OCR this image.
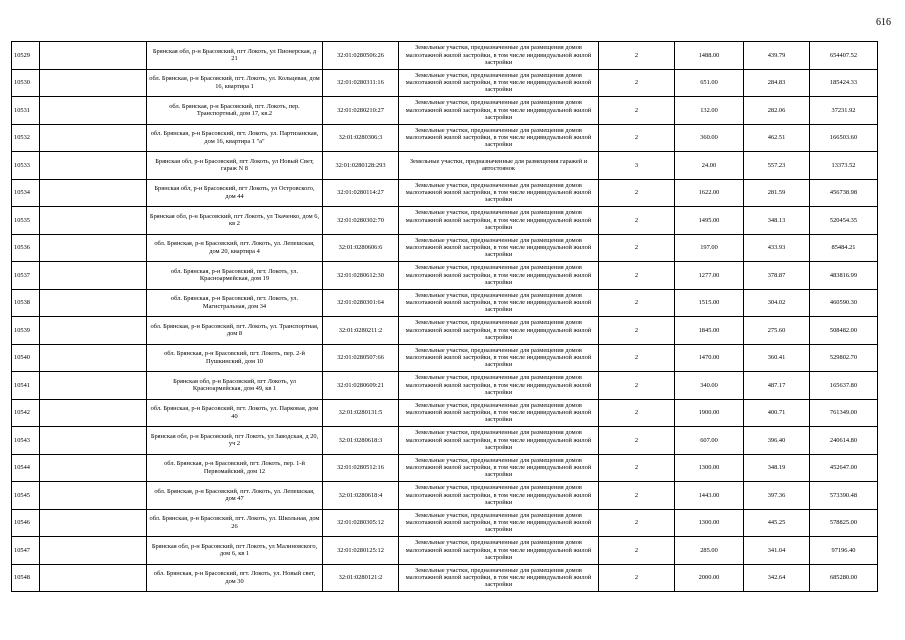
616
10529		Брянская обл, р-н Брасовский, пгт Локоть, ул Пионерская, д 21	32:01:0280506:26	Земельные участки, предназначенные для размещения домов малоэтажной жилой застройки, в том числе индивидуальной жилой застройки	2	1488.00	439.79	654407.52
10530		обл. Брянская, р-н Брасовский, пгт. Локоть, ул. Кольцевая, дом 16, квартира 1	32:01:0280311:16	Земельные участки, предназначенные для размещения домов малоэтажной жилой застройки, в том числе индивидуальной жилой застройки	2	651.00	284.83	185424.33
10531		обл. Брянская, р-н Брасовский, пгт. Локоть, пер. Транспортный, дом 17, кв.2	32:01:0280210:27	Земельные участки, предназначенные для размещения домов малоэтажной жилой застройки, в том числе индивидуальной жилой застройки	2	132.00	282.06	37231.92
10532		обл. Брянская, р-н Брасовский, пгт. Локоть, ул. Партизанская, дом 16, квартира 1 "а"	32:01:0280306:3	Земельные участки, предназначенные для размещения домов малоэтажной жилой застройки, в том числе индивидуальной жилой застройки	2	360.00	462.51	166503.60
10533		Брянская обл, р-н Брасовский, пгт Локоть, ул Новый Свет, гараж N 8	32:01:0280128:293	Земельные участки, предназначенные для размещения гаражей и автостоянок	3	24.00	557.23	13373.52
10534		Брянская обл, р-н Брасовский, пгт Локоть, ул Островского, дом 44	32:01:0280114:27	Земельные участки, предназначенные для размещения домов малоэтажной жилой застройки, в том числе индивидуальной жилой застройки	2	1622.00	281.59	456738.98
10535		Брянская обл, р-н Брасовский, пгт Локоть, ул Ткаченко, дом 6, кв 2	32:01:0280302:70	Земельные участки, предназначенные для размещения домов малоэтажной жилой застройки, в том числе индивидуальной жилой застройки	2	1495.00	348.13	520454.35
10536		обл. Брянская, р-н Брасовский, пгт. Локоть, ул. Лепешская, дом 20, квартира 4	32:01:0280606:6	Земельные участки, предназначенные для размещения домов малоэтажной жилой застройки, в том числе индивидуальной жилой застройки	2	197.00	433.93	85484.21
10537		обл. Брянская, р-н Брасовский, пгт. Локоть, ул. Красноармейская, дом 19	32:01:0280612:30	Земельные участки, предназначенные для размещения домов малоэтажной жилой застройки, в том числе индивидуальной жилой застройки	2	1277.00	378.87	483816.99
10538		обл. Брянская, р-н Брасовский, пгт. Локоть, ул. Магистральная, дом 34	32:01:0280301:64	Земельные участки, предназначенные для размещения домов малоэтажной жилой застройки, в том числе индивидуальной жилой застройки	2	1515.00	304.02	460590.30
10539		обл. Брянская, р-н Брасовский, пгт. Локоть, ул. Транспортная, дом 8	32:01:0280211:2	Земельные участки, предназначенные для размещения домов малоэтажной жилой застройки, в том числе индивидуальной жилой застройки	2	1845.00	275.60	508482.00
10540		обл. Брянская, р-н Брасовский, пгт. Локоть, пер. 2-й Пушкинский, дом 10	32:01:0280507:66	Земельные участки, предназначенные для размещения домов малоэтажной жилой застройки, в том числе индивидуальной жилой застройки	2	1470.00	360.41	529802.70
10541		Брянская обл, р-н Брасовский, пгт Локоть, ул Красноармейская, дом 49, кв 1	32:01:0280609:21	Земельные участки, предназначенные для размещения домов малоэтажной жилой застройки, в том числе индивидуальной жилой застройки	2	340.00	487.17	165637.80
10542		обл. Брянская, р-н Брасовский, пгт. Локоть, ул. Парковая, дом 40	32:01:0280131:5	Земельные участки, предназначенные для размещения домов малоэтажной жилой застройки, в том числе индивидуальной жилой застройки	2	1900.00	400.71	761349.00
10543		Брянская обл, р-н Брасовский, пгт Локоть, ул Заводская, д 20, уч 2	32:01:0280618:3	Земельные участки, предназначенные для размещения домов малоэтажной жилой застройки, в том числе индивидуальной жилой застройки	2	607.00	396.40	240614.80
10544		обл. Брянская, р-н Брасовский, пгт. Локоть, пер. 1-й Первомайский, дом 12	32:01:0280512:16	Земельные участки, предназначенные для размещения домов малоэтажной жилой застройки, в том числе индивидуальной жилой застройки	2	1300.00	348.19	452647.00
10545		обл. Брянская, р-н Брасовский, пгт. Локоть, ул. Лепешская, дом 47	32:01:0280618:4	Земельные участки, предназначенные для размещения домов малоэтажной жилой застройки, в том числе индивидуальной жилой застройки	2	1443.00	397.36	573390.48
10546		обл. Брянская, р-н Брасовский, пгт. Локоть, ул. Школьная, дом 26	32:01:0280305:12	Земельные участки, предназначенные для размещения домов малоэтажной жилой застройки, в том числе индивидуальной жилой застройки	2	1300.00	445.25	578825.00
10547		Брянская обл, р-н Брасовский, пгт Локоть, ул Малиновского, дом 6, кв 1	32:01:0280125:12	Земельные участки, предназначенные для размещения домов малоэтажной жилой застройки, в том числе индивидуальной жилой застройки	2	285.00	341.04	97196.40
10548		обл. Брянская, р-н Брасовский, пгт. Локоть, ул. Новый свет, дом 30	32:01:0280121:2	Земельные участки, предназначенные для размещения домов малоэтажной жилой застройки, в том числе индивидуальной жилой застройки	2	2000.00	342.64	685280.00
